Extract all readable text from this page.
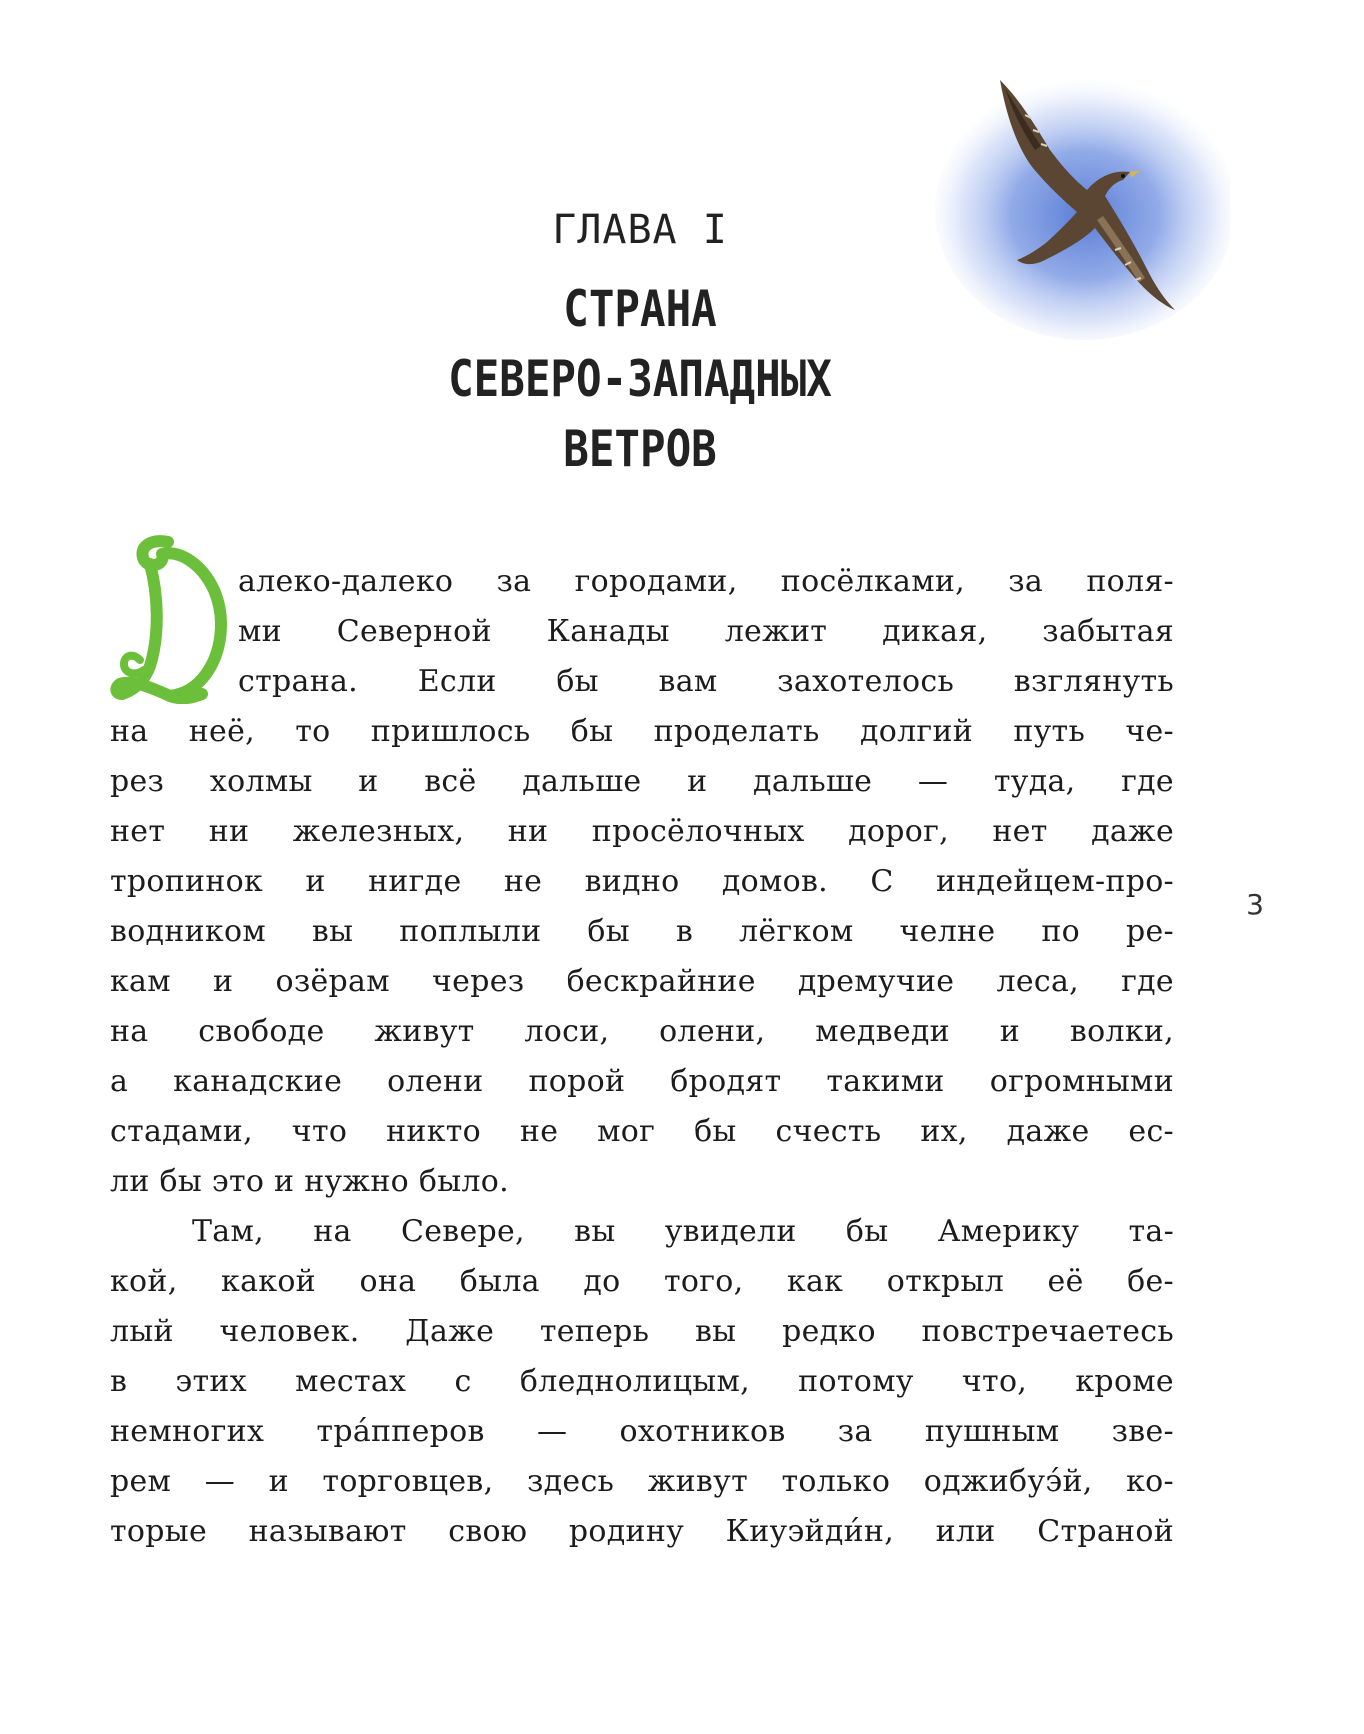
ГЛАВА I
СТРАНА
СЕВЕРО-ЗАПАДНЫХ
ВЕТРОВ
алеко-далеко за городами, посёлками, за поля-
ми Северной Канады лежит дикая, забытая
страна. Если бы вам захотелось взглянуть
на неё, то пришлось бы проделать долгий путь че-
рез холмы и всё дальше и дальше — туда, где
нет ни железных, ни просёлочных дорог, нет даже
тропинок и нигде не видно домов. С индейцем-про-
водником вы поплыли бы в лёгком челне по ре-
кам и озёрам через бескрайние дремучие леса, где
на свободе живут лоси, олени, медведи и волки,
а канадские олени порой бродят такими огромными
стадами, что никто не мог бы счесть их, даже ес-
ли бы это и нужно было.
Там, на Севере, вы увидели бы Америку та-
кой, какой она была до того, как открыл её бе-
лый человек. Даже теперь вы редко повстречаетесь
в этих местах с бледнолицым, потому что, кроме
немногих тра́пперов — охотников за пушным зве-
рем — и торговцев, здесь живут только оджибуэ́й, ко-
торые называют свою родину Киуэйди́н, или Страной
3
